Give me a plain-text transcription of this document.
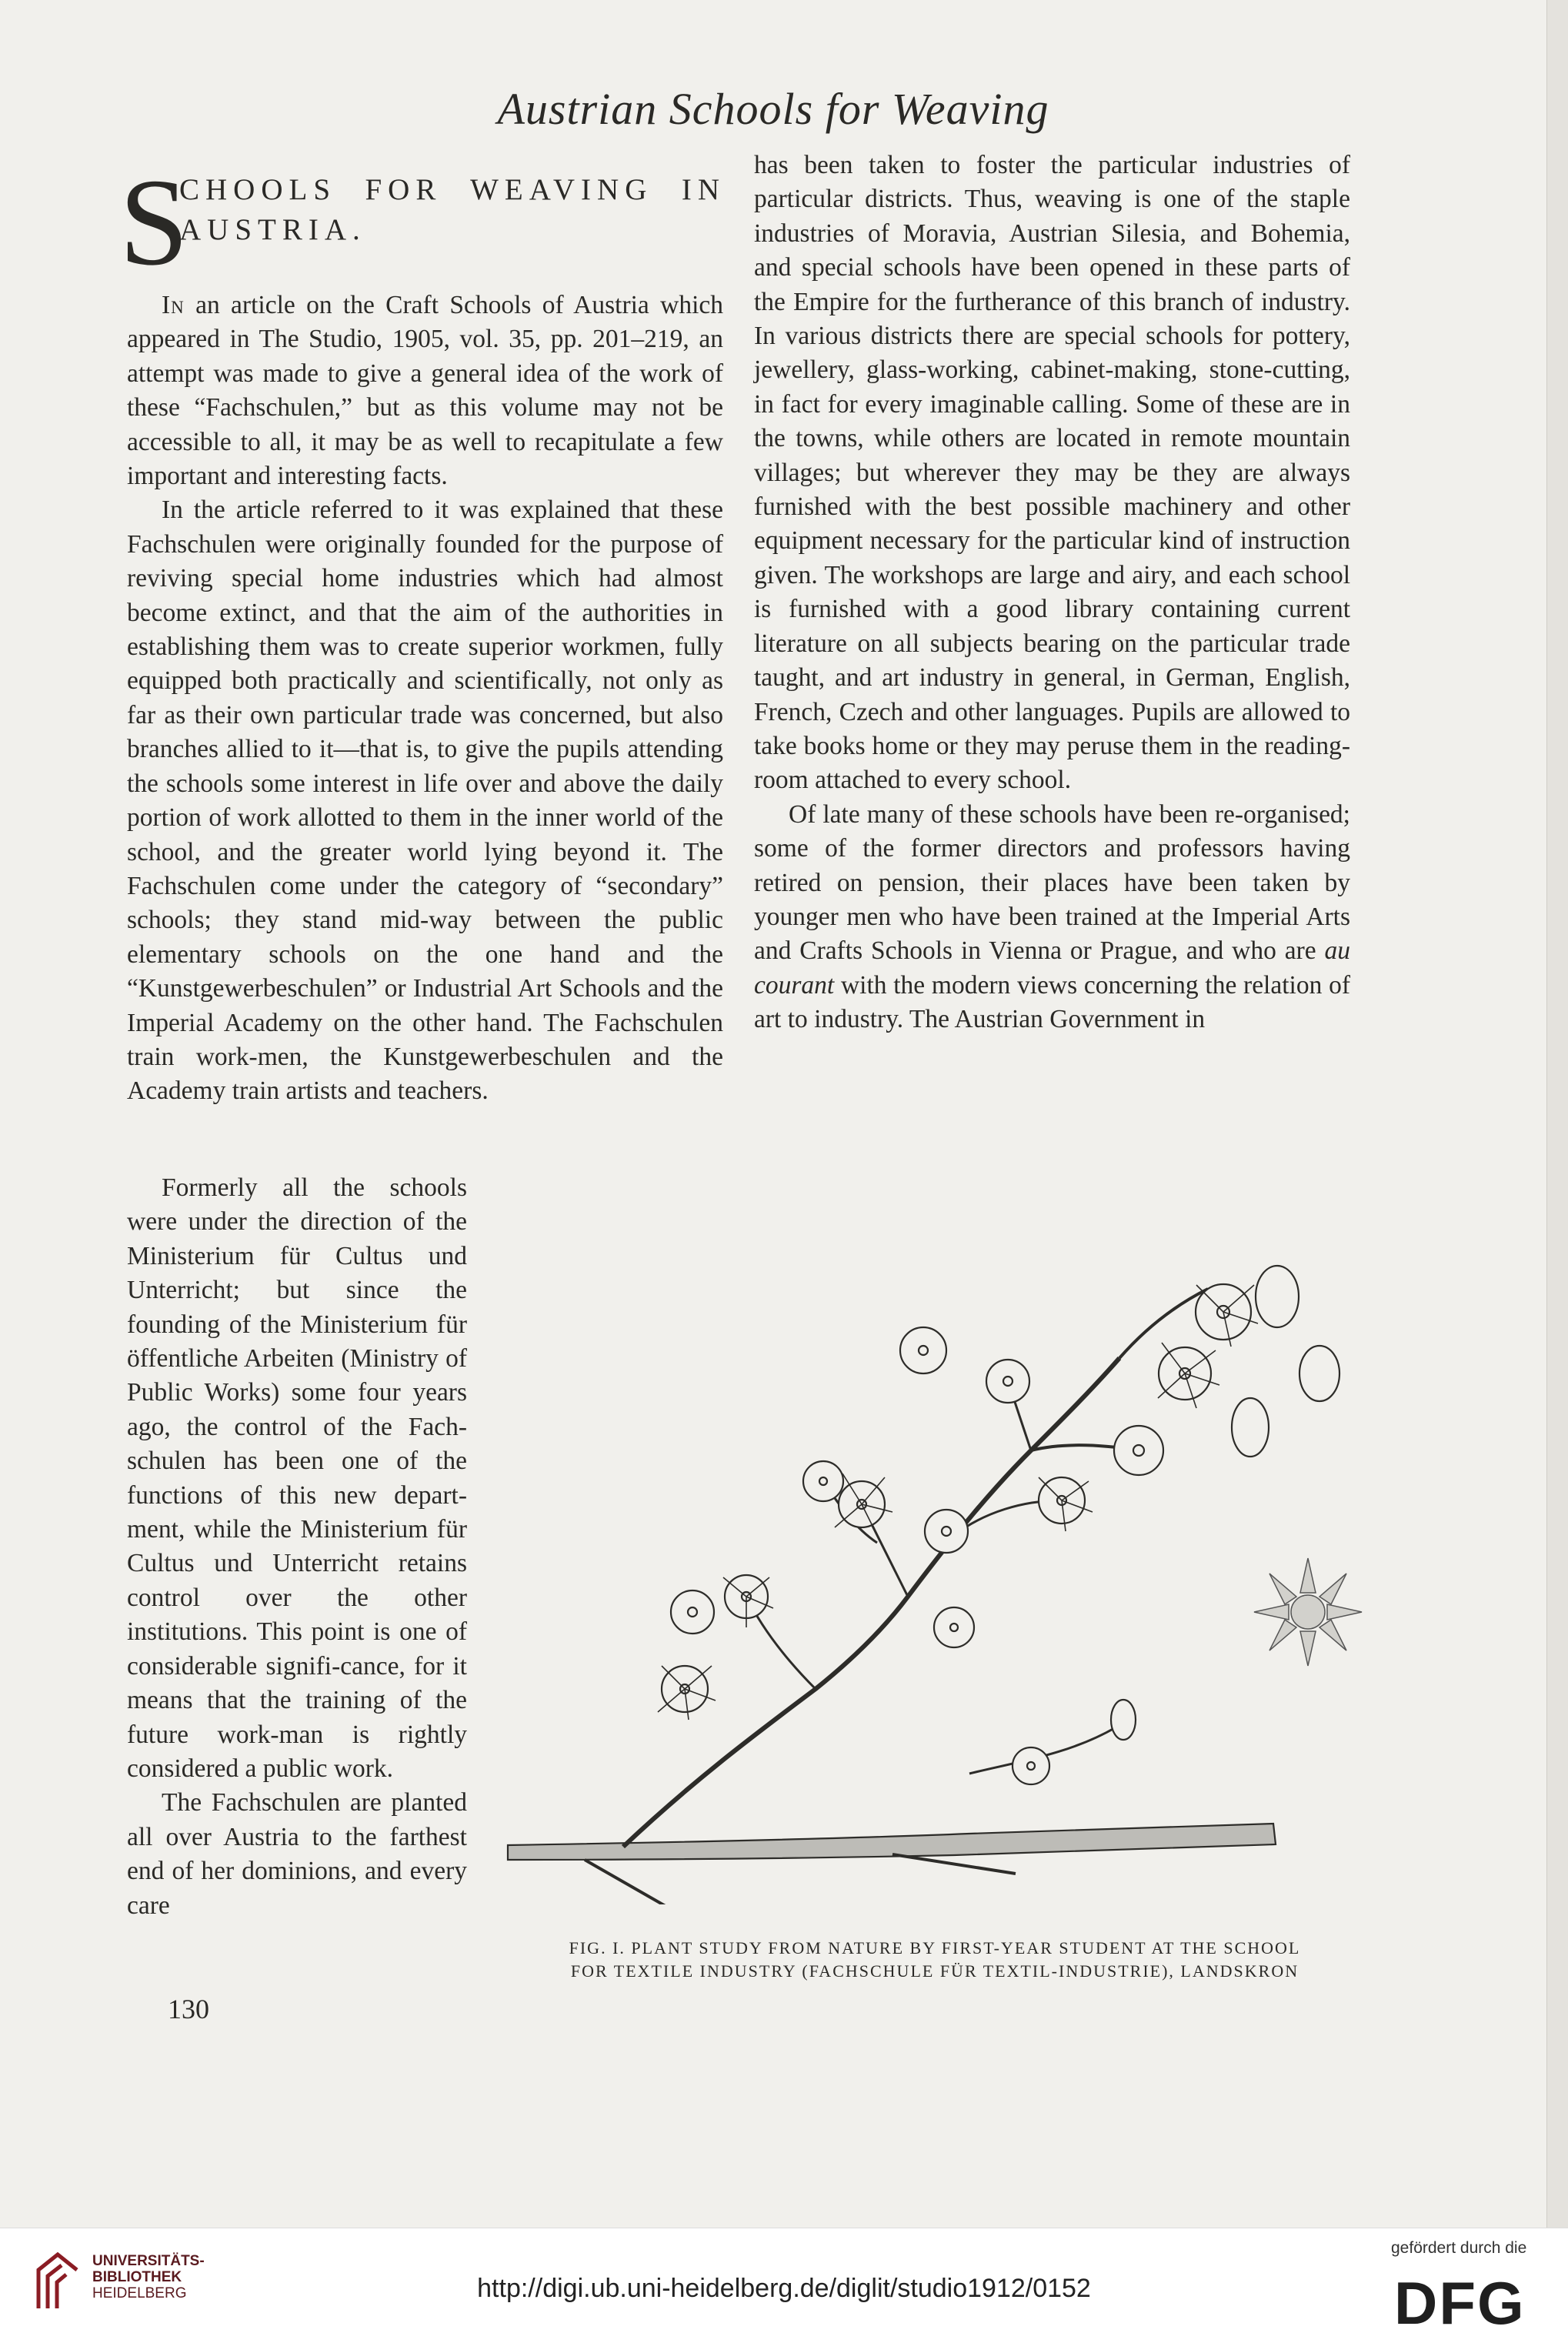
Austrian Schools for Weaving
S
CHOOLS FOR WEAVING IN AUSTRIA.

In an article on the Craft Schools of Austria which appeared in The Studio, 1905, vol. 35, pp. 201–219, an attempt was made to give a general idea of the work of these “Fachschulen,” but as this volume may not be accessible to all, it may be as well to recapitulate a few important and interesting facts.

In the article referred to it was explained that these Fachschulen were originally founded for the purpose of reviving special home industries which had almost become extinct, and that the aim of the authorities in establishing them was to create superior workmen, fully equipped both practically and scientifically, not only as far as their own particular trade was concerned, but also branches allied to it—that is, to give the pupils attending the schools some interest in life over and above the daily portion of work allotted to them in the inner world of the school, and the greater world lying beyond it. The Fachschulen come under the category of “secondary” schools; they stand mid-way between the public elementary schools on the one hand and the “Kunstgewerbeschulen” or Industrial Art Schools and the Imperial Academy on the other hand. The Fachschulen train work-men, the Kunstgewerbeschulen and the Academy train artists and teachers.

Formerly all the schools were under the direction of the Ministerium für Cultus und Unterricht; but since the founding of the Ministerium für öffentliche Arbeiten (Ministry of Public Works) some four years ago, the control of the Fach-schulen has been one of the functions of this new depart-ment, while the Ministerium für Cultus und Unterricht retains control over the other institutions. This point is one of considerable signifi-cance, for it means that the training of the future work-man is rightly considered a public work.

The Fachschulen are planted all over Austria to the farthest end of her dominions, and every care

has been taken to foster the particular industries of particular districts. Thus, weaving is one of the staple industries of Moravia, Austrian Silesia, and Bohemia, and special schools have been opened in these parts of the Empire for the furtherance of this branch of industry. In various districts there are special schools for pottery, jewellery, glass-working, cabinet-making, stone-cutting, in fact for every imaginable calling. Some of these are in the towns, while others are located in remote mountain villages; but wherever they may be they are always furnished with the best possible machinery and other equipment necessary for the particular kind of instruction given. The workshops are large and airy, and each school is furnished with a good library containing current literature on all subjects bearing on the particular trade taught, and art industry in general, in German, English, French, Czech and other languages. Pupils are allowed to take books home or they may peruse them in the reading-room attached to every school.

Of late many of these schools have been re-organised; some of the former directors and professors having retired on pension, their places have been taken by younger men who have been trained at the Imperial Arts and Crafts Schools in Vienna or Prague, and who are au courant with the modern views concerning the relation of art to industry. The Austrian Government in

130
FIG. I. PLANT STUDY FROM NATURE BY FIRST-YEAR STUDENT AT THE SCHOOL
FOR TEXTILE INDUSTRY (FACHSCHULE FÜR TEXTIL-INDUSTRIE), LANDSKRON
UNIVERSITÄTS-
BIBLIOTHEK
HEIDELBERG	http://digi.ub.uni-heidelberg.de/diglit/studio1912/0152
gefördert durch die
DFG
